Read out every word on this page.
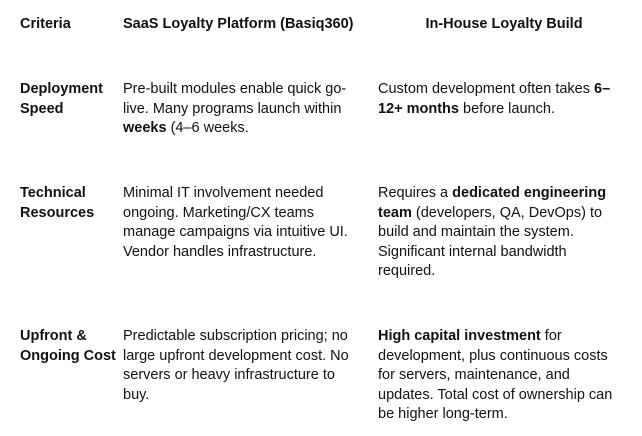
Criteria	SaaS Loyalty Platform (Basiq360)	In-House Loyalty Build
Deployment Speed
Pre-built modules enable quick go-live. Many programs launch within weeks (4–6 weeks.
Custom development often takes 6–12+ months before launch.
Technical Resources
Minimal IT involvement needed ongoing. Marketing/CX teams manage campaigns via intuitive UI. Vendor handles infrastructure.
Requires a dedicated engineering team (developers, QA, DevOps) to build and maintain the system. Significant internal bandwidth required.
Upfront & Ongoing Cost
Predictable subscription pricing; no large upfront development cost. No servers or heavy infrastructure to buy.
High capital investment for development, plus continuous costs for servers, maintenance, and updates. Total cost of ownership can be higher long-term.
